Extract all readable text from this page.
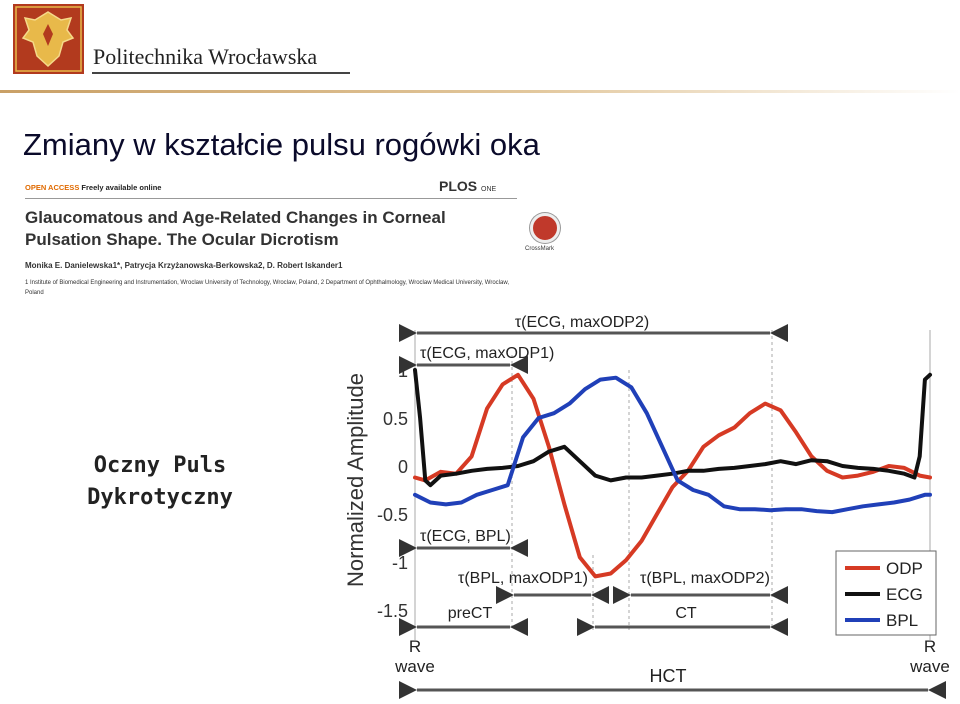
Politechnika Wrocławska
Zmiany w kształcie pulsu rogówki oka
OPEN ACCESS Freely available online	PLOS ONE
Glaucomatous and Age-Related Changes in Corneal Pulsation Shape. The Ocular Dicrotism	CrossMark
Monika E. Danielewska1*, Patrycja Krzyżanowska-Berkowska2, D. Robert Iskander1
1 Institute of Biomedical Engineering and Instrumentation, Wroclaw University of Technology, Wroclaw, Poland, 2 Department of Ophthalmology, Wroclaw Medical University, Wroclaw, Poland
Oczny Puls
Dykrotyczny	Normalized Amplitude
1
0.5
0
-0.5
-1
-1.5
τ(ECG, maxODP2)
τ(ECG, maxODP1)
τ(ECG, BPL)
τ(BPL, maxODP1)	τ(BPL, maxODP2)
preCT	CT
R
wave
R
wave
HCT
ODP
ECG
BPL
